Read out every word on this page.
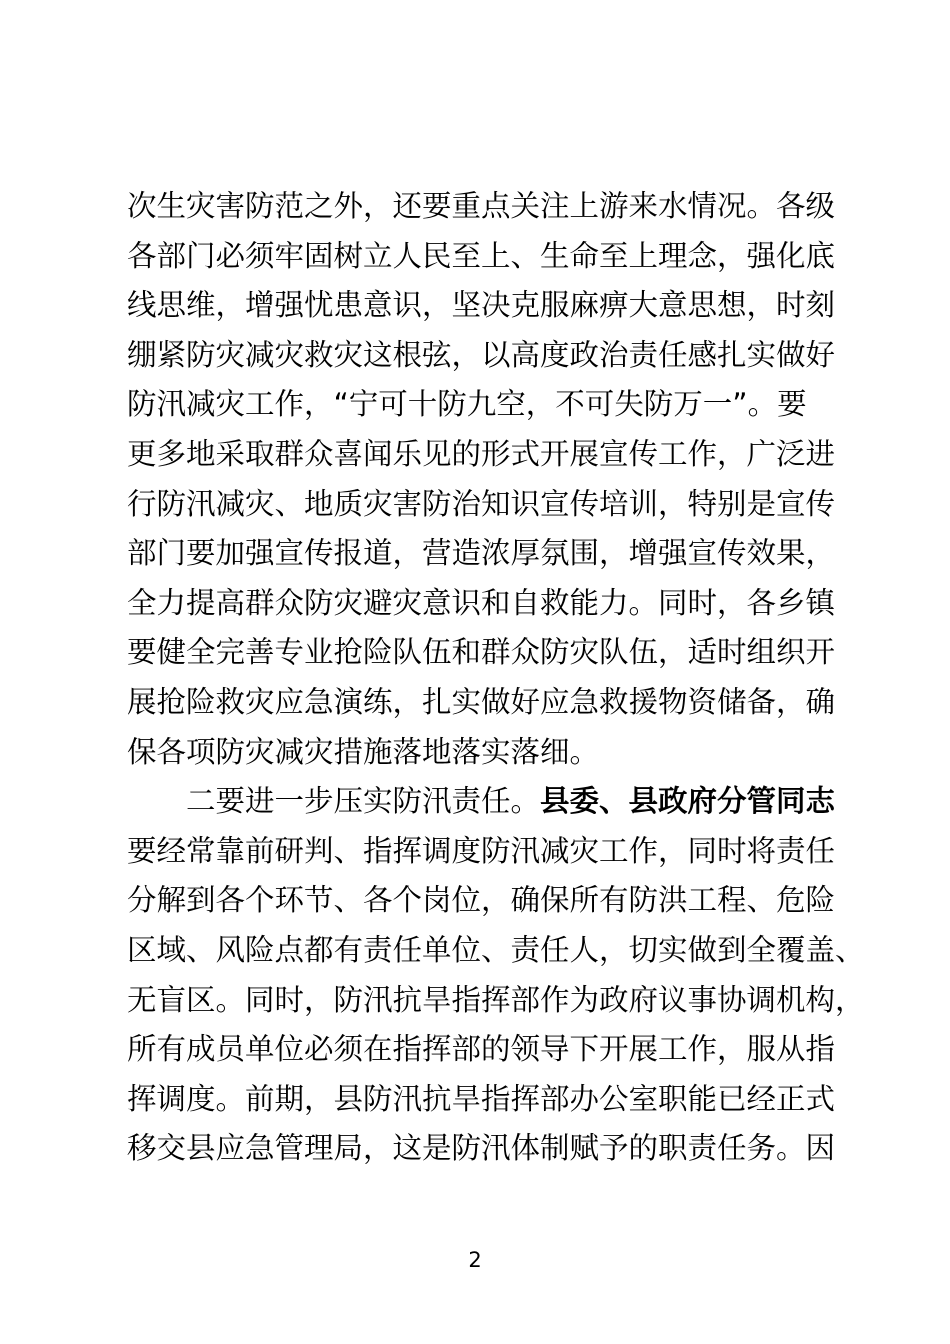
次生灾害防范之外，还要重点关注上游来水情况。各级
各部门必须牢固树立人民至上、生命至上理念，强化底
线思维，增强忧患意识，坚决克服麻痹大意思想，时刻
绷紧防灾减灾救灾这根弦，以高度政治责任感扎实做好
防汛减灾工作，“宁可十防九空，不可失防万一”。要
更多地采取群众喜闻乐见的形式开展宣传工作，广泛进
行防汛减灾、地质灾害防治知识宣传培训，特别是宣传
部门要加强宣传报道，营造浓厚氛围，增强宣传效果，
全力提高群众防灾避灾意识和自救能力。同时，各乡镇
要健全完善专业抢险队伍和群众防灾队伍，适时组织开
展抢险救灾应急演练，扎实做好应急救援物资储备，确
保各项防灾减灾措施落地落实落细。
二要进一步压实防汛责任。县委、县政府分管同志
要经常靠前研判、指挥调度防汛减灾工作，同时将责任
分解到各个环节、各个岗位，确保所有防洪工程、危险
区域、风险点都有责任单位、责任人，切实做到全覆盖、
无盲区。同时，防汛抗旱指挥部作为政府议事协调机构，
所有成员单位必须在指挥部的领导下开展工作，服从指
挥调度。前期，县防汛抗旱指挥部办公室职能已经正式
移交县应急管理局，这是防汛体制赋予的职责任务。因
2
